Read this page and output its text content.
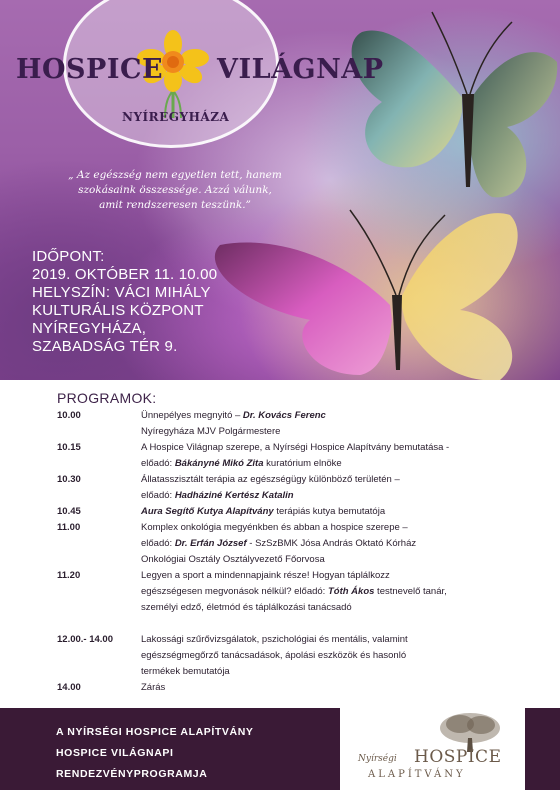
HOSPICE VILÁGNAP
NYÍREGYHÁZA
„ Az egészség nem egyetlen tett, hanem
szokásaink összessége. Azzá válunk,
amit rendszeresen teszünk.”
IDŐPONT:
2019. OKTÓBER 11. 10.00
HELYSZÍN: VÁCI MIHÁLY
KULTURÁLIS KÖZPONT
NYÍREGYHÁZA,
SZABADSÁG TÉR 9.
PROGRAMOK:
10.00	Ünnepélyes megnyitó – Dr. Kovács Ferenc
Nyíregyháza MJV Polgármestere
10.15	A Hospice Világnap szerepe, a Nyírségi Hospice Alapítvány bemutatása -
előadó: Bákányné Mikó Zita kuratórium elnöke
10.30	Állatasszisztált terápia az egészségügy különböző területén –
előadó: Hadháziné Kertész Katalin
10.45	Aura Segítő Kutya Alapítvány terápiás kutya bemutatója
11.00	Komplex onkológia megyénkben és abban a hospice szerepe –
előadó: Dr. Erfán József - SzSzBMK Jósa András Oktató Kórház
Onkológiai Osztály Osztályvezető Főorvosa
11.20	Legyen a sport a mindennapjaink része! Hogyan táplálkozz
egészségesen megvonások nélkül? előadó: Tóth Ákos testnevelő tanár,
személyi edző, életmód és táplálkozási tanácsadó
12.00.- 14.00	Lakossági szűrővizsgálatok, pszichológiai és mentális, valamint
egészségmegőrző tanácsadások, ápolási eszközök és hasonló
termékek bemutatója
14.00	Zárás
A NYÍRSÉGI HOSPICE ALAPÍTVÁNY
HOSPICE VILÁGNAPI
RENDEZVÉNYPROGRAMJA
Nyírségi HOSPICE
ALAPÍTVÁNY
